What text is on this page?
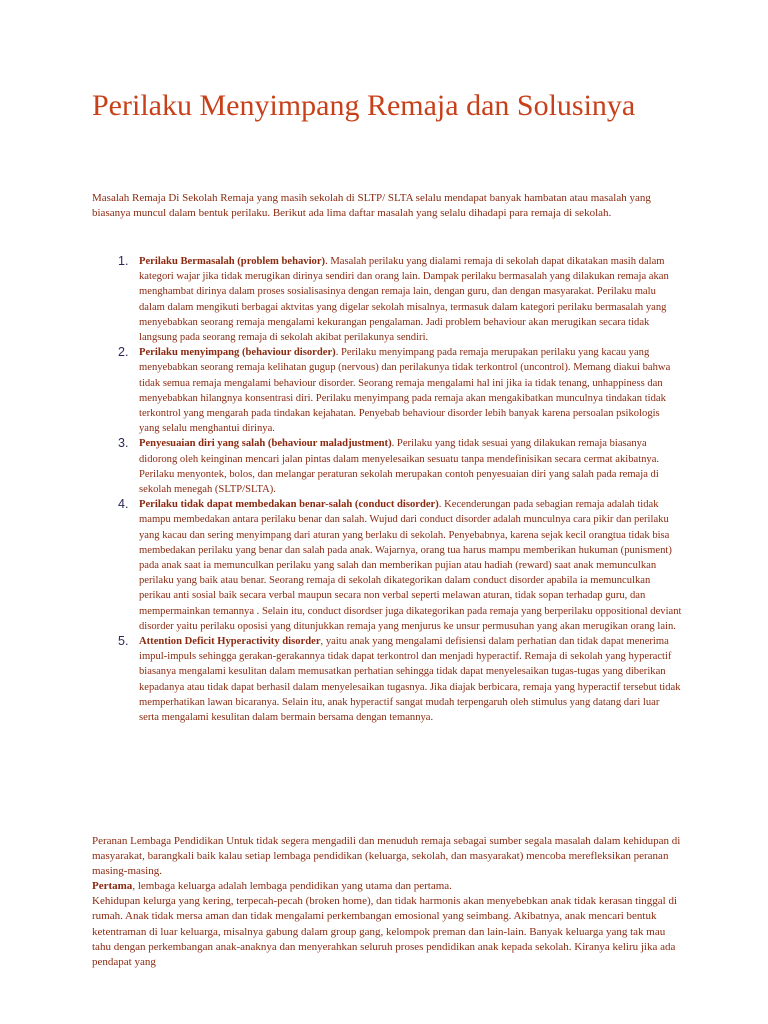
Perilaku Menyimpang Remaja dan Solusinya

Masalah Remaja Di Sekolah Remaja yang masih sekolah di SLTP/ SLTA selalu mendapat banyak hambatan atau masalah yang biasanya muncul dalam bentuk perilaku. Berikut ada lima daftar masalah yang selalu dihadapi para remaja di sekolah.

1. Perilaku Bermasalah (problem behavior). Masalah perilaku yang dialami remaja di sekolah dapat dikatakan masih dalam kategori wajar jika tidak merugikan dirinya sendiri dan orang lain. Dampak perilaku bermasalah yang dilakukan remaja akan menghambat dirinya dalam proses sosialisasinya dengan remaja lain, dengan guru, dan dengan masyarakat. Perilaku malu dalam dalam mengikuti berbagai aktvitas yang digelar sekolah misalnya, termasuk dalam kategori perilaku bermasalah yang menyebabkan seorang remaja mengalami kekurangan pengalaman. Jadi problem behaviour akan merugikan secara tidak langsung pada seorang remaja di sekolah akibat perilakunya sendiri.
2. Perilaku menyimpang (behaviour disorder). Perilaku menyimpang pada remaja merupakan perilaku yang kacau yang menyebabkan seorang remaja kelihatan gugup (nervous) dan perilakunya tidak terkontrol (uncontrol). Memang diakui bahwa tidak semua remaja mengalami behaviour disorder. Seorang remaja mengalami hal ini jika ia tidak tenang, unhappiness dan menyebabkan hilangnya konsentrasi diri. Perilaku menyimpang pada remaja akan mengakibatkan munculnya tindakan tidak terkontrol yang mengarah pada tindakan kejahatan. Penyebab behaviour disorder lebih banyak karena persoalan psikologis yang selalu menghantui dirinya.
3. Penyesuaian diri yang salah (behaviour maladjustment). Perilaku yang tidak sesuai yang dilakukan remaja biasanya didorong oleh keinginan mencari jalan pintas dalam menyelesaikan sesuatu tanpa mendefinisikan secara cermat akibatnya. Perilaku menyontek, bolos, dan melangar peraturan sekolah merupakan contoh penyesuaian diri yang salah pada remaja di sekolah menegah (SLTP/SLTA).
4. Perilaku tidak dapat membedakan benar-salah (conduct disorder). Kecenderungan pada sebagian remaja adalah tidak mampu membedakan antara perilaku benar dan salah. Wujud dari conduct disorder adalah munculnya cara pikir dan perilaku yang kacau dan sering menyimpang dari aturan yang berlaku di sekolah. Penyebabnya, karena sejak kecil orangtua tidak bisa membedakan perilaku yang benar dan salah pada anak. Wajarnya, orang tua harus mampu memberikan hukuman (punisment) pada anak saat ia memunculkan perilaku yang salah dan memberikan pujian atau hadiah (reward) saat anak memunculkan perilaku yang baik atau benar. Seorang remaja di sekolah dikategorikan dalam conduct disorder apabila ia memunculkan perikau anti sosial baik secara verbal maupun secara non verbal seperti melawan aturan, tidak sopan terhadap guru, dan mempermainkan temannya . Selain itu, conduct disordser juga dikategorikan pada remaja yang berperilaku oppositional deviant disorder yaitu perilaku oposisi yang ditunjukkan remaja yang menjurus ke unsur permusuhan yang akan merugikan orang lain.
5. Attention Deficit Hyperactivity disorder, yaitu anak yang mengalami defisiensi dalam perhatian dan tidak dapat menerima impul-impuls sehingga gerakan-gerakannya tidak dapat terkontrol dan menjadi hyperactif. Remaja di sekolah yang hyperactif biasanya mengalami kesulitan dalam memusatkan perhatian sehingga tidak dapat menyelesaikan tugas-tugas yang diberikan kepadanya atau tidak dapat berhasil dalam menyelesaikan tugasnya. Jika diajak berbicara, remaja yang hyperactif tersebut tidak memperhatikan lawan bicaranya. Selain itu, anak hyperactif sangat mudah terpengaruh oleh stimulus yang datang dari luar serta mengalami kesulitan dalam bermain bersama dengan temannya.
Peranan Lembaga Pendidikan Untuk tidak segera mengadili dan menuduh remaja sebagai sumber segala masalah dalam kehidupan di masyarakat, barangkali baik kalau setiap lembaga pendidikan (keluarga, sekolah, dan masyarakat) mencoba merefleksikan peranan masing-masing.
Pertama, lembaga keluarga adalah lembaga pendidikan yang utama dan pertama.
Kehidupan kelurga yang kering, terpecah-pecah (broken home), dan tidak harmonis akan menyebebkan anak tidak kerasan tinggal di rumah. Anak tidak mersa aman dan tidak mengalami perkembangan emosional yang seimbang. Akibatnya, anak mencari bentuk ketentraman di luar keluarga, misalnya gabung dalam group gang, kelompok preman dan lain-lain. Banyak keluarga yang tak mau tahu dengan perkembangan anak-anaknya dan menyerahkan seluruh proses pendidikan anak kepada sekolah. Kiranya keliru jika ada pendapat yang
